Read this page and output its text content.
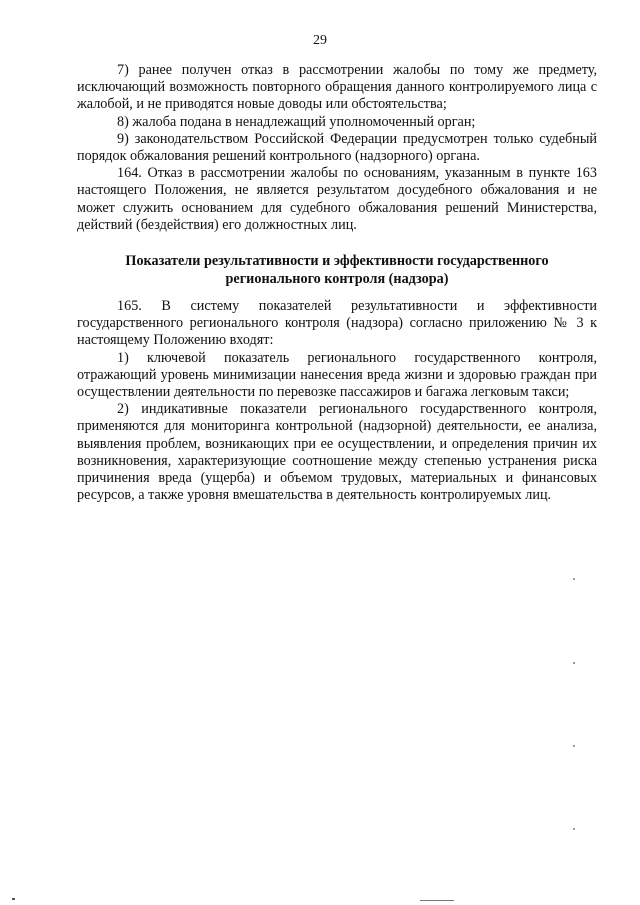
29

7) ранее получен отказ в рассмотрении жалобы по тому же предмету, исключающий возможность повторного обращения данного контролируемого лица с жалобой, и не приводятся новые доводы или обстоятельства;

8) жалоба подана в ненадлежащий уполномоченный орган;

9) законодательством Российской Федерации предусмотрен только судебный порядок обжалования решений контрольного (надзорного) органа.

164. Отказ в рассмотрении жалобы по основаниям, указанным в пункте 163 настоящего Положения, не является результатом досудебного обжалования и не может служить основанием для судебного обжалования решений Министерства, действий (бездействия) его должностных лиц.

Показатели результативности и эффективности государственного
регионального контроля (надзора)

165. В систему показателей результативности и эффективности государственного регионального контроля (надзора) согласно приложению № 3 к настоящему Положению входят:

1) ключевой показатель регионального государственного контроля, отражающий уровень минимизации нанесения вреда жизни и здоровью граждан при осуществлении деятельности по перевозке пассажиров и багажа легковым такси;

2) индикативные показатели регионального государственного контроля, применяются для мониторинга контрольной (надзорной) деятельности, ее анализа, выявления проблем, возникающих при ее осуществлении, и определения причин их возникновения, характеризующие соотношение между степенью устранения риска причинения вреда (ущерба) и объемом трудовых, материальных и финансовых ресурсов, а также уровня вмешательства в деятельность контролируемых лиц.
